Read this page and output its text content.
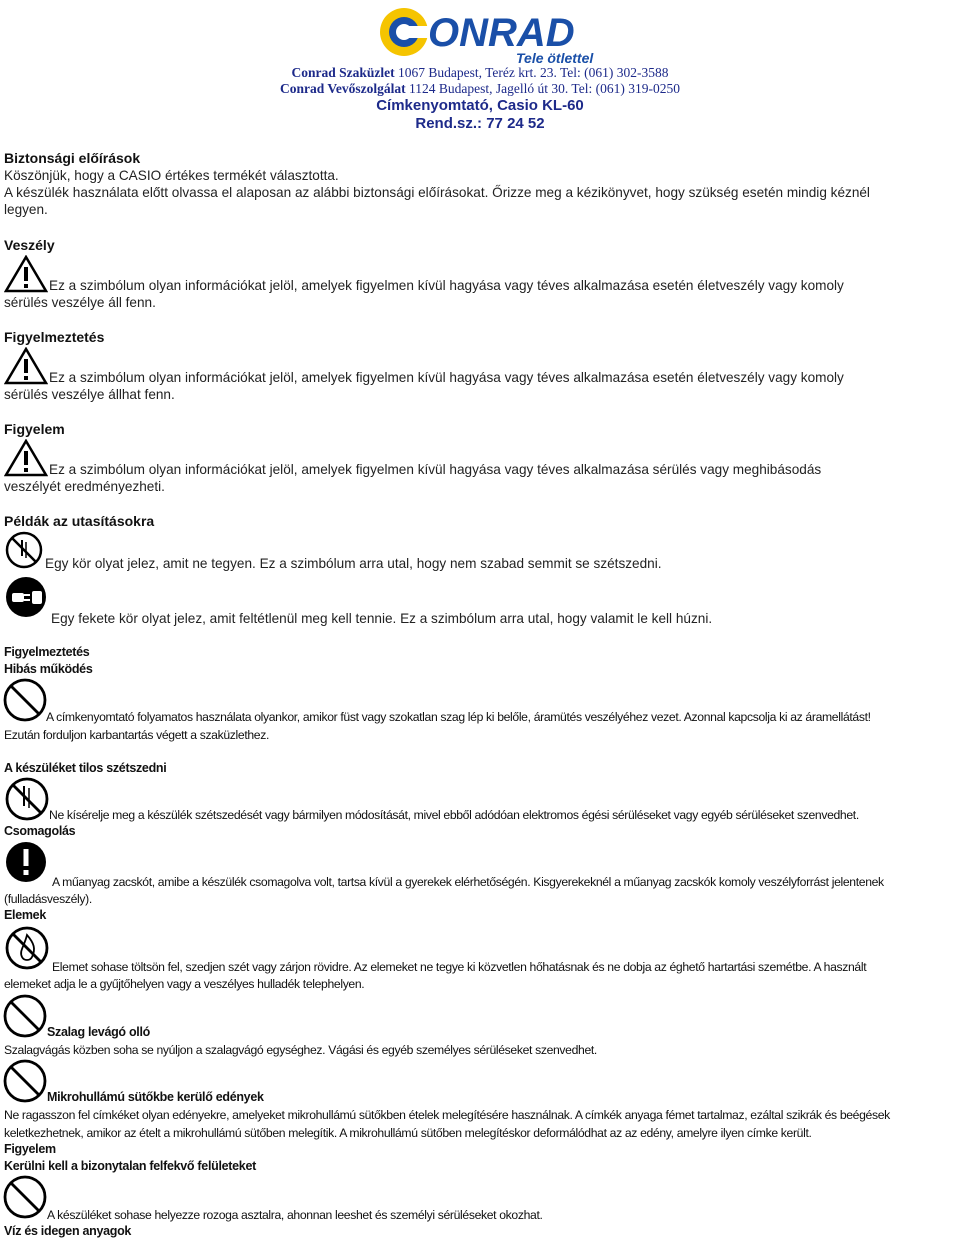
ONRAD
Tele ötlettel
Conrad Szaküzlet 1067 Budapest, Teréz krt. 23. Tel: (061) 302-3588
Conrad Vevőszolgálat 1124 Budapest, Jagelló út 30. Tel: (061) 319-0250
Címkenyomtató, Casio KL-60
Rend.sz.: 77 24 52
Biztonsági előírások
Köszönjük, hogy a CASIO értékes termékét választotta.
A készülék használata előtt olvassa el alaposan az alábbi biztonsági előírásokat. Őrizze meg a kézikönyvet, hogy szükség esetén mindig kéznél
legyen.
Veszély
Ez a szimbólum olyan információkat jelöl, amelyek figyelmen kívül hagyása vagy téves alkalmazása esetén életveszély vagy komoly
sérülés veszélye áll fenn.
Figyelmeztetés
Ez a szimbólum olyan információkat jelöl, amelyek figyelmen kívül hagyása vagy téves alkalmazása esetén életveszély vagy komoly
sérülés veszélye állhat fenn.
Figyelem
Ez a szimbólum olyan információkat jelöl, amelyek figyelmen kívül hagyása vagy téves alkalmazása sérülés vagy meghibásodás
veszélyét eredményezheti.
Példák az utasításokra
Egy kör olyat jelez, amit ne tegyen. Ez a szimbólum arra utal, hogy nem szabad semmit se szétszedni.
Egy fekete kör olyat jelez, amit feltétlenül meg kell tennie. Ez a szimbólum arra utal, hogy valamit le kell húzni.
Figyelmeztetés
Hibás működés
A címkenyomtató folyamatos használata olyankor, amikor füst vagy szokatlan szag lép ki belőle, áramütés veszélyéhez vezet. Azonnal kapcsolja ki az áramellátást!
Ezután forduljon karbantartás végett a szaküzlethez.
A készüléket tilos szétszedni
Ne kísérelje meg a készülék szétszedését vagy bármilyen módosítását, mivel ebből adódóan elektromos égési sérüléseket vagy egyéb sérüléseket szenvedhet.
Csomagolás
A műanyag zacskót, amibe a készülék csomagolva volt, tartsa kívül a gyerekek elérhetőségén. Kisgyerekeknél a műanyag zacskók komoly veszélyforrást jelentenek
(fulladásveszély).
Elemek
Elemet sohase töltsön fel, szedjen szét vagy zárjon rövidre. Az elemeket ne tegye ki közvetlen hőhatásnak és ne dobja az éghető hartartási szemétbe. A használt
elemeket adja le a gyűjtőhelyen vagy a veszélyes hulladék telephelyen.
Szalag levágó olló
Szalagvágás közben soha se nyúljon a szalagvágó egységhez. Vágási és egyéb személyes sérüléseket szenvedhet.
Mikrohullámú sütőkbe kerülő edények
Ne ragasszon fel címkéket olyan edényekre, amelyeket mikrohullámú sütőkben ételek melegítésére használnak. A címkék anyaga fémet tartalmaz, ezáltal szikrák és beégések
keletkezhetnek, amikor az ételt a mikrohullámú sütőben melegítik. A mikrohullámú sütőben melegítéskor deformálódhat az az edény, amelyre ilyen címke került.
Figyelem
Kerülni kell a bizonytalan felfekvő felületeket
A készüléket sohase helyezze rozoga asztalra, ahonnan leeshet és személyi sérüléseket okozhat.
Víz és idegen anyagok
